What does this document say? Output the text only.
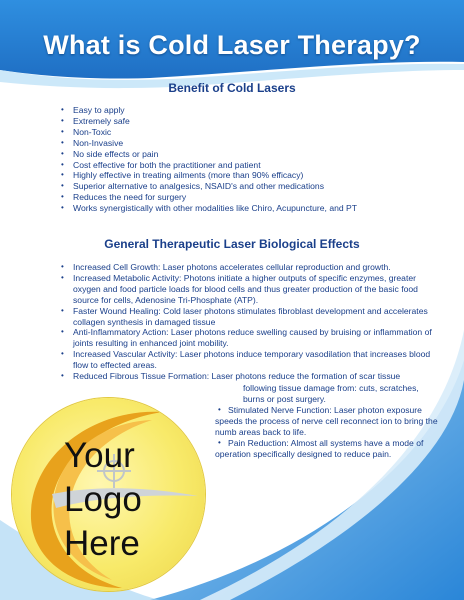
What is Cold Laser Therapy?
Benefit of Cold Lasers
• Easy to apply
• Extremely safe
• Non-Toxic
• Non-Invasive
• No side effects or pain
• Cost effective for both the practitioner and patient
• Highly effective in treating ailments (more than 90% efficacy)
• Superior alternative to analgesics, NSAID's and other medications
• Reduces the need for surgery
• Works synergistically with other modalities like Chiro, Acupuncture, and PT
General Therapeutic Laser Biological Effects
• Increased Cell Growth: Laser photons accelerates cellular reproduction and growth.
• Increased Metabolic Activity: Photons initiate a higher outputs of specific enzymes, greater oxygen and food particle loads for blood cells and thus greater production of the basic food source for cells, Adenosine Tri-Phosphate (ATP).
• Faster Wound Healing: Cold laser photons stimulates fibroblast development and accelerates collagen synthesis in damaged tissue
• Anti-Inflammatory Action: Laser photons reduce swelling caused by bruising or inflammation of joints resulting in enhanced joint mobility.
• Increased Vascular Activity: Laser photons induce temporary vasodilation that increases blood flow to effected areas.
• Reduced Fibrous Tissue Formation: Laser photons reduce the formation of scar tissue
following tissue damage from: cuts, scratches, burns or post surgery.
• Stimulated Nerve Function: Laser photon exposure speeds the process of nerve cell reconnect ion to bring the numb areas back to life.
• Pain Reduction: Almost all systems have a mode of operation specifically designed to reduce pain.
Your
Logo
Here
